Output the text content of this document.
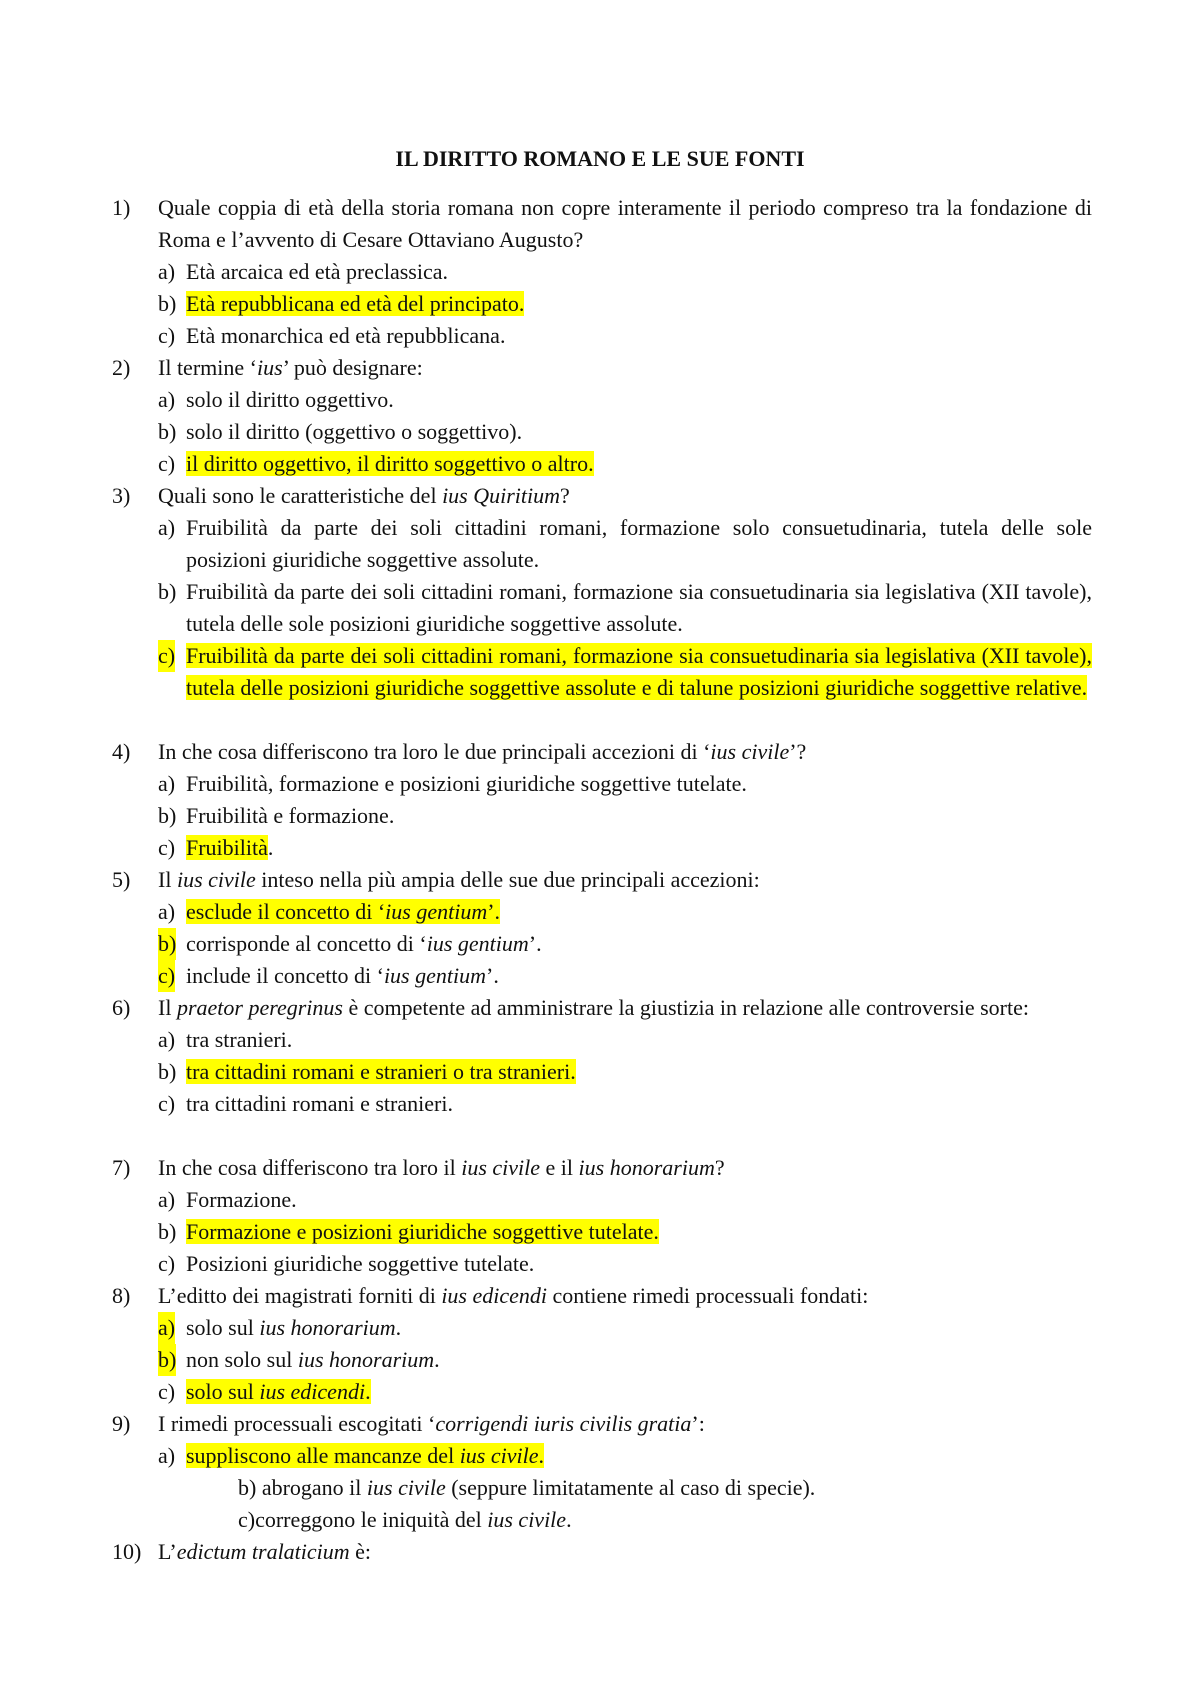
IL DIRITTO ROMANO E LE SUE FONTI
1)	Quale coppia di età della storia romana non copre interamente il periodo compreso tra la fondazione di Roma e l’avvento di Cesare Ottaviano Augusto?

a) Età arcaica ed età preclassica.

b) Età repubblicana ed età del principato.

c) Età monarchica ed età repubblicana.

2)	Il termine ‘ius’ può designare:

a) solo il diritto oggettivo.

b) solo il diritto (oggettivo o soggettivo).

c) il diritto oggettivo, il diritto soggettivo o altro.

3)	Quali sono le caratteristiche del ius Quiritium?

a) Fruibilità da parte dei soli cittadini romani, formazione solo consuetudinaria, tutela delle sole posizioni giuridiche soggettive assolute.

b) Fruibilità da parte dei soli cittadini romani, formazione sia consuetudinaria sia legislativa (XII tavole), tutela delle sole posizioni giuridiche soggettive assolute.

c) Fruibilità da parte dei soli cittadini romani, formazione sia consuetudinaria sia legislativa (XII tavole), tutela delle posizioni giuridiche soggettive assolute e di talune posizioni giuridiche soggettive relative.

4)	In che cosa differiscono tra loro le due principali accezioni di ‘ius civile’?

a) Fruibilità, formazione e posizioni giuridiche soggettive tutelate.

b) Fruibilità e formazione.

c) Fruibilità.

5)	Il ius civile inteso nella più ampia delle sue due principali accezioni:

a) esclude il concetto di ‘ius gentium’.

b) corrisponde al concetto di ‘ius gentium’.

c) include il concetto di ‘ius gentium’.

6)	Il praetor peregrinus è competente ad amministrare la giustizia in relazione alle controversie sorte:

a) tra stranieri.

b) tra cittadini romani e stranieri o tra stranieri.

c) tra cittadini romani e stranieri.

7)	In che cosa differiscono tra loro il ius civile e il ius honorarium?

a) Formazione.

b) Formazione e posizioni giuridiche soggettive tutelate.

c) Posizioni giuridiche soggettive tutelate.

8)	L’editto dei magistrati forniti di ius edicendi contiene rimedi processuali fondati:

a) solo sul ius honorarium.

b) non solo sul ius honorarium.

c) solo sul ius edicendi.

9)	I rimedi processuali escogitati ‘corrigendi iuris civilis gratia’:

a) suppliscono alle mancanze del ius civile.

b) abrogano il ius civile (seppure limitatamente al caso di specie).

c)correggono le iniquità del ius civile.

10) L’edictum tralaticium è:
